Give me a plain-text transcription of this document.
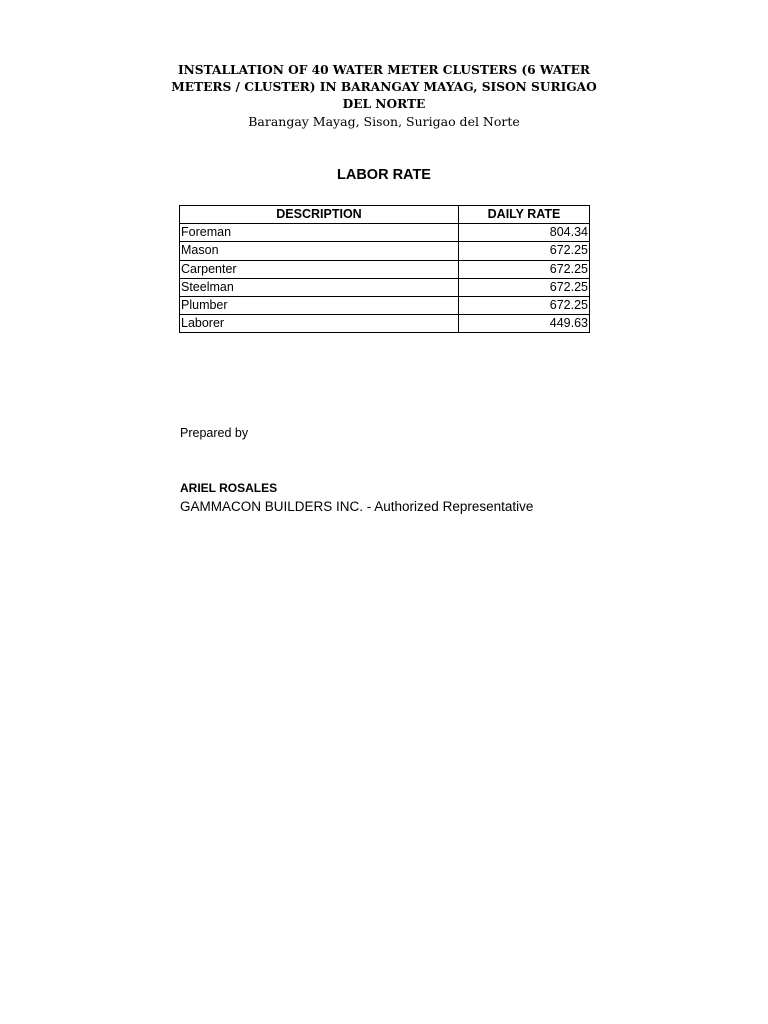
INSTALLATION OF 40 WATER METER CLUSTERS (6 WATER METERS / CLUSTER) IN BARANGAY MAYAG, SISON SURIGAO DEL NORTE
Barangay Mayag, Sison, Surigao del Norte
LABOR RATE
DESCRIPTION	DAILY RATE
Foreman	804.34
Mason	672.25
Carpenter	672.25
Steelman	672.25
Plumber	672.25
Laborer	449.63
Prepared by
ARIEL ROSALES
GAMMACON BUILDERS INC. - Authorized Representative
